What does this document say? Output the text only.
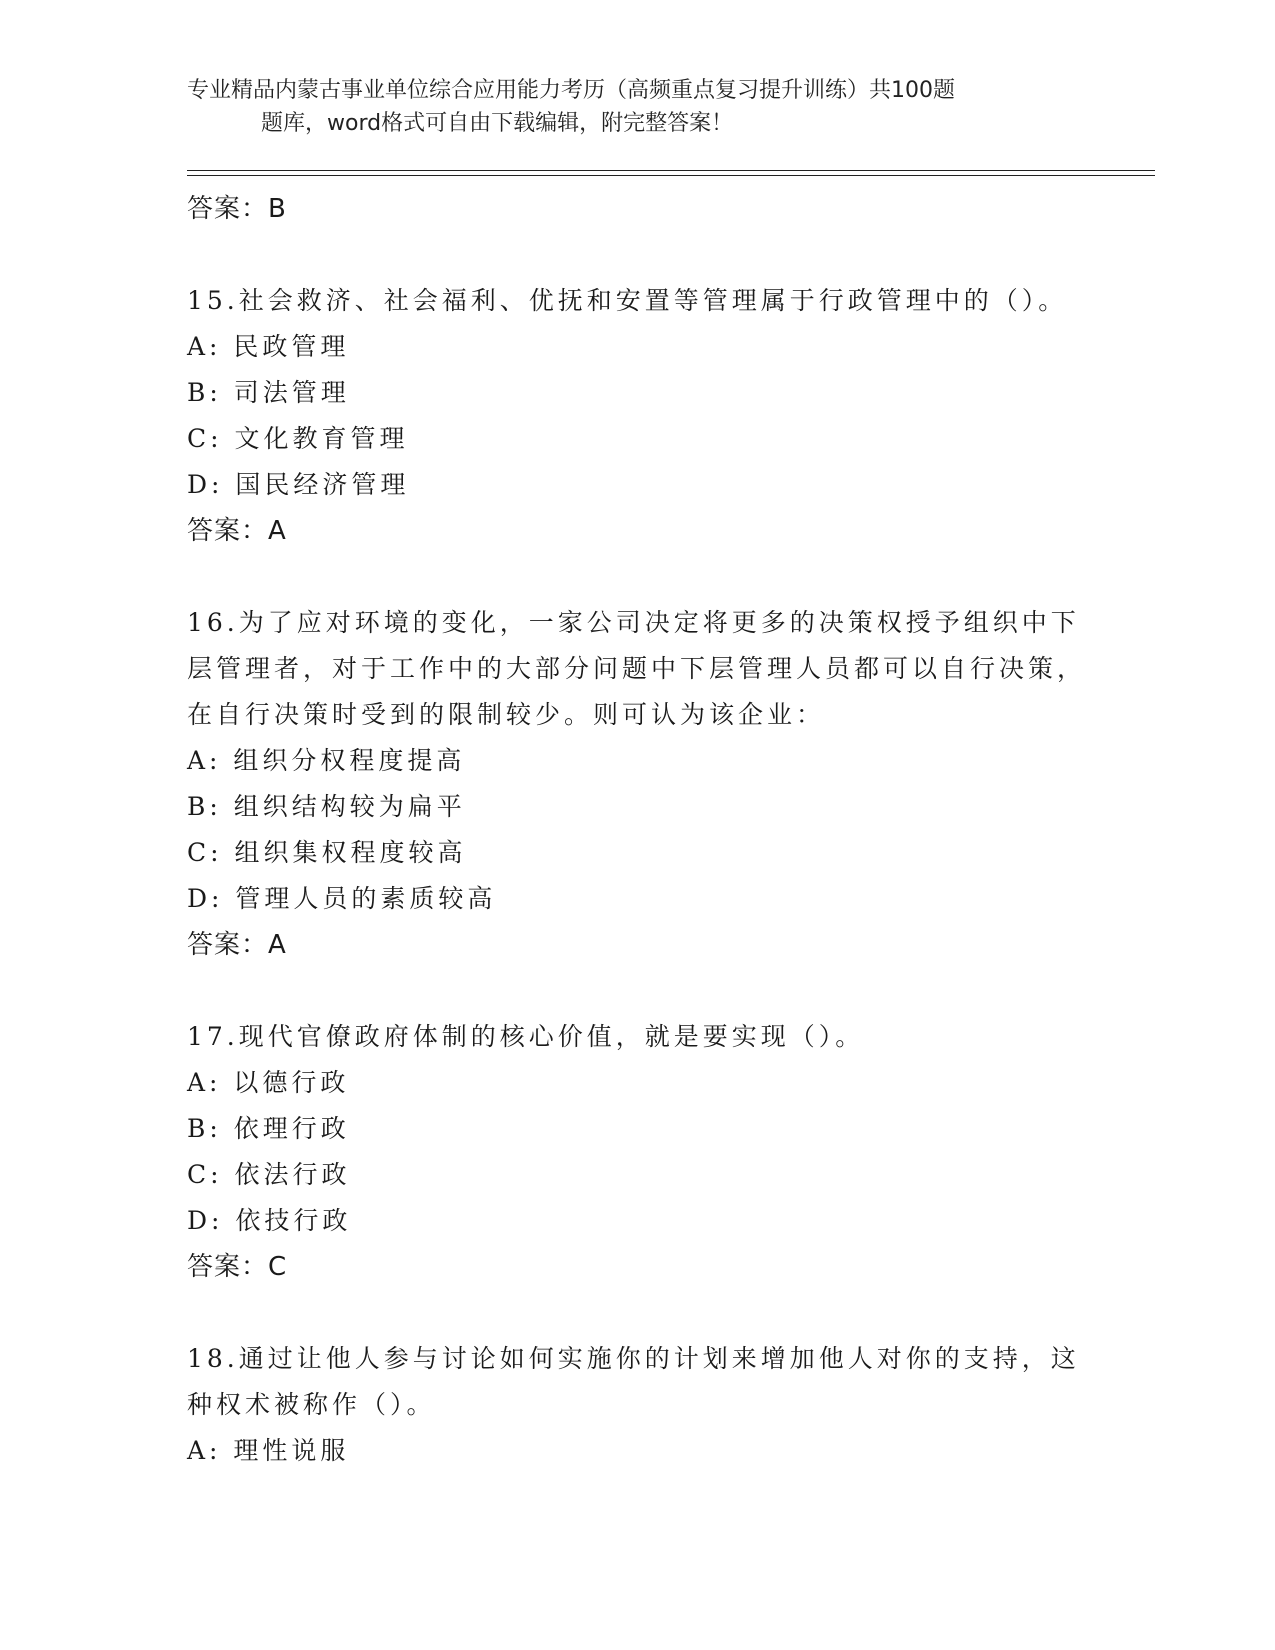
专业精品内蒙古事业单位综合应用能力考历（高频重点复习提升训练）共100题
题库，word格式可自由下载编辑，附完整答案！
答案：B
15.社会救济、社会福利、优抚和安置等管理属于行政管理中的（）。
A: 民政管理
B: 司法管理
C: 文化教育管理
D: 国民经济管理
答案：A
16.为了应对环境的变化，一家公司决定将更多的决策权授予组织中下层管理者，对于工作中的大部分问题中下层管理人员都可以自行决策，在自行决策时受到的限制较少。则可认为该企业：
A: 组织分权程度提高
B: 组织结构较为扁平
C: 组织集权程度较高
D: 管理人员的素质较高
答案：A
17.现代官僚政府体制的核心价值，就是要实现（）。
A: 以德行政
B: 依理行政
C: 依法行政
D: 依技行政
答案：C
18.通过让他人参与讨论如何实施你的计划来增加他人对你的支持，这种权术被称作（）。
A: 理性说服
